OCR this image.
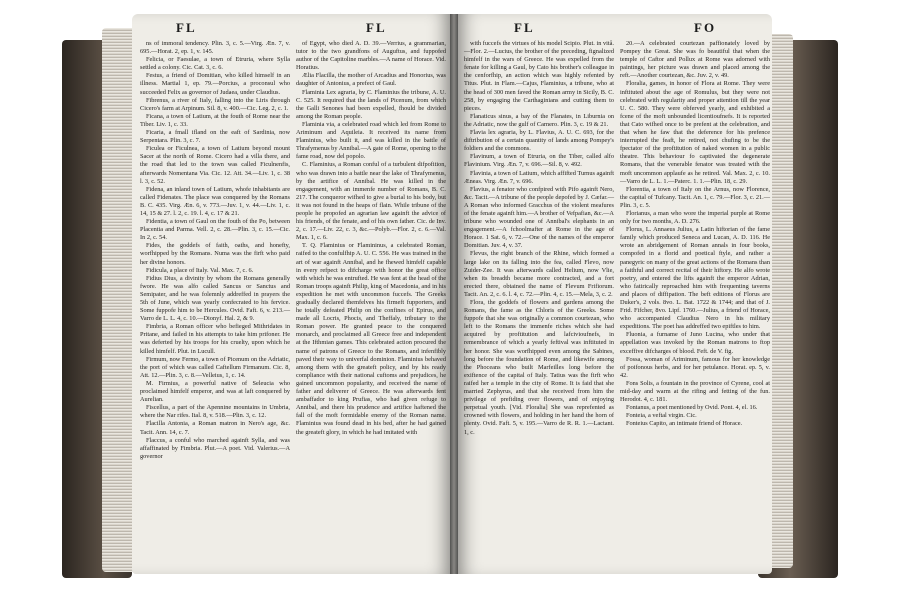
FL	FL

ns of immoral tendency. Plin. 3, c. 5.—Virg. Æn. 7, v. 695.—Horat. 2, ep. 1, v. 145.

Felicia, or Faesulae, a town of Etruria, where Sylla settled a colony. Cic. Cat. 3, c. 6.

Festus, a friend of Domitian, who killed himself in an illness. Martial 1, ep. 79.—Porcius, a proconsul who succeeded Felix as governor of Judaea, under Claudius.

Fibrenus, a river of Italy, falling into the Liris through Cicero's farm at Arpinum. Sil. 8, v. 400.—Cic. Leg. 2, c. 1.

Ficana, a town of Latium, at the fouth of Rome near the Tiber. Liv. 1, c. 33.

Ficaria, a fmall ifland on the eaft of Sardinia, now Serpentara. Plin. 3, c. 7.

Ficulea or Ficulnea, a town of Latium beyond mount Sacer at the north of Rome. Cicero had a villa there, and the road that led to the town was called Ficulnenfis, afterwards Nomentana Via. Cic. 12. Att. 34.—Liv. 1, c. 38 l. 3, c. 52.

Fidena, an inland town of Latium, whofe inhabitants are called Fidenates. The place was conquered by the Romans B. C. 435. Virg. Æn. 6, v. 773.—Juv. 1, v. 44.—Liv. 1, c. 14, 15 & 27. l. 2, c. 19. l. 4, c. 17 & 21.

Fidentia, a town of Gaul on the fouth of the Po, between Placentia and Parma. Vell. 2, c. 28.—Plin. 3, c. 15.—Cic. In 2, c. 54.

Fides, the goddefs of faith, oaths, and honefty, worfhipped by the Romans. Numa was the firft who paid her divine honors.

Fidicula, a place of Italy. Val. Max. 7, c. 6.

Fidius Dius, a divinity by whom the Romans generally fwore. He was alfo called Sancus or Sanctus and Semipater, and he was folemnly addreffed in prayers the 5th of June, which was yearly confecrated to his fervice. Some fuppofe him to be Hercules. Ovid. Faft. 6, v. 213.—Varro de L. L. 4, c. 10.—Dionyf. Hal. 2, & 9.

Fimbria, a Roman officer who befieged Mithridates in Pritane, and failed in his attempts to take him prifoner. He was deferted by his troops for his cruelty, upon which he killed himfelf. Plut. in Lucull.

Firmum, now Fermo, a town of Picenum on the Adriatic, the port of which was called Caftellum Firmanum. Cic. 8, Att. 12.—Plin. 3, c. 8.—Velleius, 1, c. 14.

M. Firmius, a powerful native of Seleucia who proclaimed himfelf emperor, and was at laft conquered by Aurelian.

Fiscellus, a part of the Apennine mountains in Umbria, where the Nar rifes. Ital. 8, v. 518.—Plin. 3, c. 12.

Flacilla Antonia, a Roman matron in Nero's age, &c. Tacit. Ann. 14, c. 7.

Flaccus, a conful who marched againft Sylla, and was affaffinated by Fimbria. Plut.—A poet. Vid. Valerius.—A governor

of Egypt, who died A. D. 39.—Verrius, a grammarian, tutor to the two grandfons of Auguftus, and fuppofed author of the Capitoline marbles.—A name of Horace. Vid. Horatius.

Ælia Flacilla, the mother of Arcadius and Honorius, was daughter of Antonius, a prefect of Gaul.

Flaminia Lex agraria, by C. Flaminius the tribune, A. U. C. 525. It required that the lands of Picenum, from which the Galli Senones had been expelled, fhould be divided among the Roman people.

Flaminia via, a celebrated road which led from Rome to Ariminum and Aquileia. It received its name from Flaminius, who built it, and was killed in the battle of Thrafymenus by Annibal.—A gate of Rome, opening to the fame road, now del popolo.

C. Flaminius, a Roman conful of a turbulent difpofition, who was drawn into a battle near the lake of Thrafymenus, by the artifice of Annibal. He was killed in the engagement, with an immenfe number of Romans, B. C. 217. The conqueror wifhed to give a burial to his body, but it was not found in the heaps of flain. While tribune of the people he propofed an agrarian law againft the advice of his friends, of the fenate, and of his own father. Cic. de Inv. 2, c. 17.—Liv. 22, c. 3, &c.—Polyb.—Flor. 2, c. 6.—Val. Max. 1, c. 6.

T. Q. Flaminius or Flamininus, a celebrated Roman, raifed to the confulfhip A. U. C. 556. He was trained in the art of war againft Annibal, and he fhewed himfelf capable in every refpect to difcharge with honor the great office with which he was entrufted. He was fent at the head of the Roman troops againft Philip, king of Macedonia, and in his expedition he met with uncommon fuccefs. The Greeks gradually declared themfelves his firmeft fupporters, and he totally defeated Philip on the confines of Epirus, and made all Locris, Phocis, and Theffaly, tributary to the Roman power. He granted peace to the conquered monarch, and proclaimed all Greece free and independent at the Ifthmian games. This celebrated action procured the name of patrons of Greece to the Romans, and infenfibly paved their way to univerfal dominion. Flaminius behaved among them with the greateft policy, and by his ready compliance with their national cuftoms and prejudices, he gained uncommon popularity, and received the name of father and deliverer of Greece. He was afterwards fent ambaffador to king Prufias, who had given refuge to Annibal, and there his prudence and artifice haftened the fall of the moft formidable enemy of the Roman name. Flaminius was found dead in his bed, after he had gained the greateft glory, in which he had imitated with

FL	FO

with fuccefs the virtues of his model Scipio. Plut. in vitâ.—Flor. 2.—Lucius, the brother of the preceding, fignalized himfelf in the wars of Greece. He was expelled from the fenate for killing a Gaul, by Cato his brother's colleague in the cenforfhip, an action which was highly refented by Titus. Plut. in Flam.—Cajus, Flaminius, a tribune, who at the head of 300 men faved the Roman army in Sicily, B. C. 258, by engaging the Carthaginians and cutting them to pieces.

Flanaticus sinus, a bay of the Flanates, in Liburnia on the Adriatic, now the gulf of Carnero. Plin. 3, c. 19 & 21.

Flavia lex agraria, by L. Flavius, A. U. C. 693, for the diftribution of a certain quantity of lands among Pompey's foldiers and the commons.

Flavinum, a town of Etruria, on the Tiber, called alfo Flavinium. Virg. Æn. 7, v. 696.—Sil. 8, v. 492.

Flavinia, a town of Latium, which affifted Turnus againft Æneas. Virg. Æn. 7, v. 696.

Flavius, a fenator who confpired with Pifo againft Nero, &c. Tacit.—A tribune of the people depofed by J. Cæfar.—A Roman who informed Gracchus of the violent meafures of the fenate againft him.—A brother of Vefpafian, &c.—A tribune who wounded one of Annibal's elephants in an engagement.—A fchoolmafter at Rome in the age of Horace. 1 Sat. 6, v. 72.—One of the names of the emperor Domitian. Juv. 4, v. 37.

Flevus, the right branch of the Rhine, which formed a large lake on its falling into the fea, called Flevo, now Zuider-Zee. It was afterwards called Helium, now Vlie, when its breadth became more contracted, and a fort erected there, obtained the name of Flevum Frifiorum. Tacit. An. 2, c. 6. l. 4, c. 72.—Plin. 4, c. 15.—Mela, 3, c. 2.

Flora, the goddefs of flowers and gardens among the Romans, the fame as the Chloris of the Greeks. Some fuppofe that she was originally a common courtezan, who left to the Romans the immenfe riches which she had acquired by proftitution and lafcivioufnefs, in remembrance of which a yearly feftival was inftituted in her honor. She was worfhipped even among the Sabines, long before the foundation of Rome, and likewife among the Phoceans who built Marfeilles long before the exiftence of the capital of Italy. Tatius was the firft who raifed her a temple in the city of Rome. It is faid that she married Zephyrus, and that she received from him the privilege of prefiding over flowers, and of enjoying perpetual youth. [Vid. Floralia] She was reprefented as crowned with flowers, and holding in her hand the horn of plenty. Ovid. Faft. 5, v. 195.—Varro de R. R. 1.—Lactant. 1, c.

20.—A celebrated courtezan paffionately loved by Pompey the Great. She was fo beautiful that when the temple of Caftor and Pollux at Rome was adorned with paintings, her picture was drawn and placed among the reft.—Another courtezan, &c. Juv. 2, v. 49.

Floralia, games, in honor of Flora at Rome. They were inftituted about the age of Romulus, but they were not celebrated with regularity and proper attention till the year U. C. 580. They were obferved yearly, and exhibited a fcene of the moft unbounded licentioufnefs. It is reported that Cato wifhed once to be prefent at the celebration, and that when he faw that the deference for his prefence interrupted the feaft, he retired, not chufing to be the fpectator of the proftitution of naked women in a public theatre. This behaviour fo captivated the degenerate Romans, that the venerable fenator was treated with the moft uncommon applaufe as he retired. Val. Max. 2, c. 10.—Varro de L. L. 1.—Paterc. 1. 1.—Plin. 18, c. 29.

Florentia, a town of Italy on the Arnus, now Florence, the capital of Tufcany. Tacit. An. 1, c. 79.—Flor. 3, c. 21.—Plin. 3, c. 5.

Florianus, a man who wore the imperial purple at Rome only for two months, A. D. 276.

Florus, L. Annaeus Julius, a Latin hiftorian of the fame family which produced Seneca and Lucan, A. D. 116. He wrote an abridgement of Roman annals in four books, compofed in a florid and poetical ftyle, and rather a panegyric on many of the great actions of the Romans than a faithful and correct recital of their hiftory. He alfo wrote poetry, and entered the lifts againft the emperor Adrian, who fatirically reproached him with frequenting taverns and places of diffipation. The beft editions of Florus are Duker's, 2 vols. 8vo. L. Bat. 1722 & 1744; and that of J. Frid. Fifcher, 8vo. Lipf. 1760.—Julius, a friend of Horace, who accompanied Claudius Nero in his military expeditions. The poet has addreffed two epiftles to him.

Fluonia, a furname of Juno Lucina, who under that appellation was invoked by the Roman matrons to ftop exceffive difcharges of blood. Feft. de V. fig.

Fossa, woman of Ariminum, famous for her knowledge of poifonous herbs, and for her petulance. Horat. ep. 5, v. 42.

Fons Solis, a fountain in the province of Cyrene, cool at mid-day and warm at the rifing and fetting of the fun. Herodot. 4, c. 181.

Fontanus, a poet mentioned by Ovid. Pont. 4, el. 16.

Fonteia, a veftal virgin. Cic.

Fonteius Capito, an intimate friend of Horace.
